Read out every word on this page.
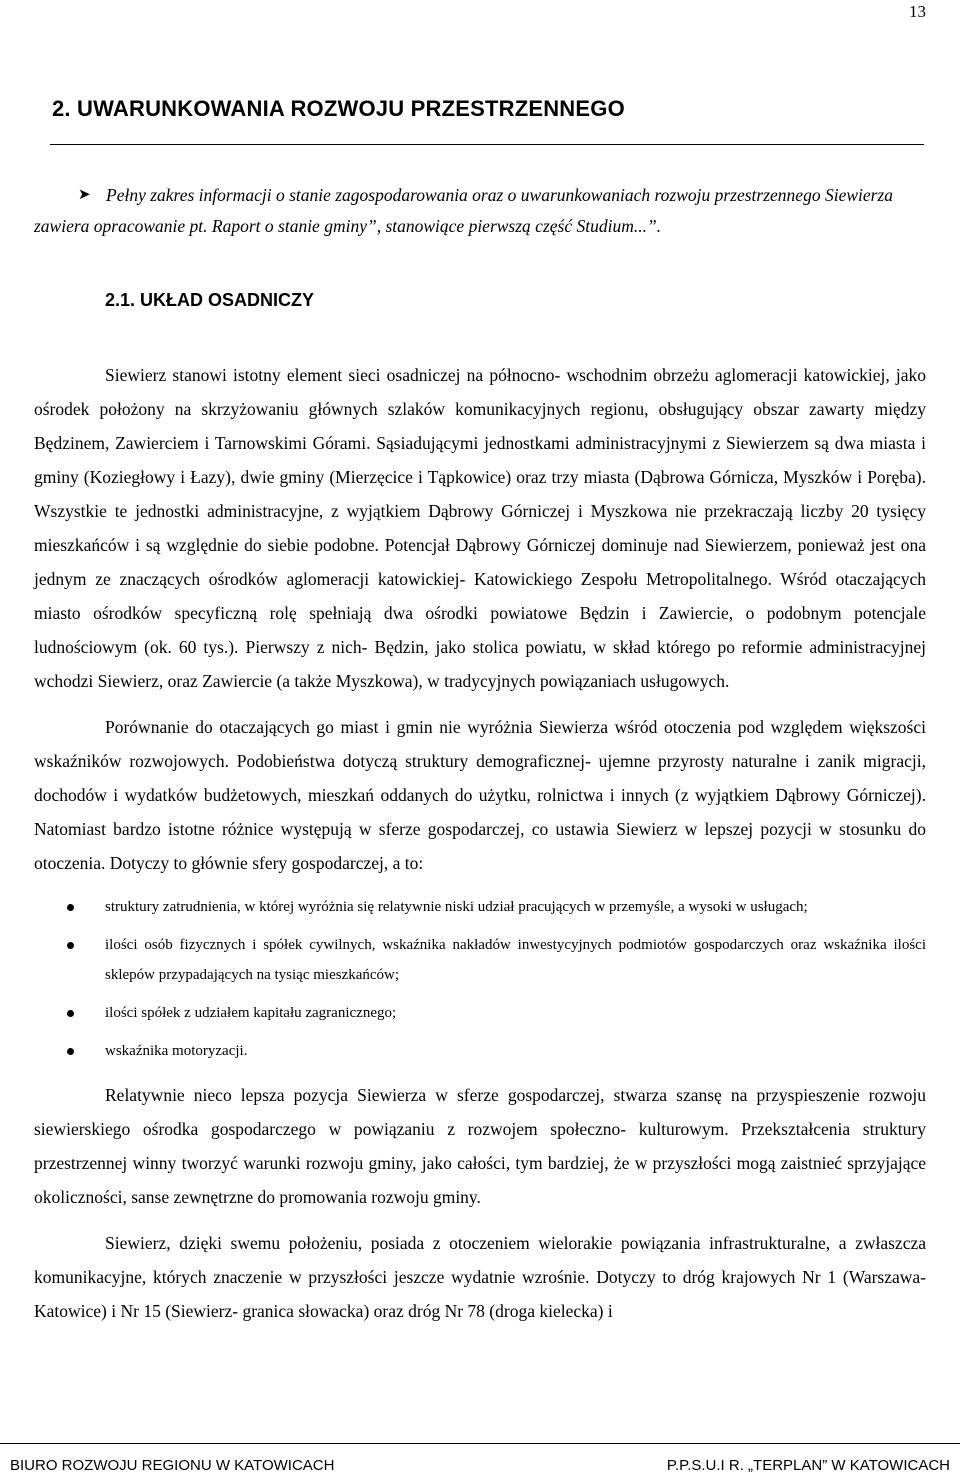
13
2. UWARUNKOWANIA ROZWOJU PRZESTRZENNEGO
➤ Pełny zakres informacji o stanie zagospodarowania oraz o uwarunkowaniach rozwoju przestrzennego Siewierza zawiera opracowanie pt. Raport o stanie gminy”, stanowiące pierwszą część Studium...”.
2.1. UKŁAD OSADNICZY

Siewierz stanowi istotny element sieci osadniczej na północno- wschodnim obrzeżu aglomeracji katowickiej, jako ośrodek położony na skrzyżowaniu głównych szlaków komunikacyjnych regionu, obsługujący obszar zawarty między Będzinem, Zawierciem i Tarnowskimi Górami. Sąsiadującymi jednostkami administracyjnymi z Siewierzem są dwa miasta i gminy (Koziegłowy i Łazy), dwie gminy (Mierzęcice i Tąpkowice) oraz trzy miasta (Dąbrowa Górnicza, Myszków i Poręba). Wszystkie te jednostki administracyjne, z wyjątkiem Dąbrowy Górniczej i Myszkowa nie przekraczają liczby 20 tysięcy mieszkańców i są względnie do siebie podobne. Potencjał Dąbrowy Górniczej dominuje nad Siewierzem, ponieważ jest ona jednym ze znaczących ośrodków aglomeracji katowickiej- Katowickiego Zespołu Metropolitalnego. Wśród otaczających miasto ośrodków specyficzną rolę spełniają dwa ośrodki powiatowe Będzin i Zawiercie, o podobnym potencjale ludnościowym (ok. 60 tys.). Pierwszy z nich- Będzin, jako stolica powiatu, w skład którego po reformie administracyjnej wchodzi Siewierz, oraz Zawiercie (a także Myszkowa), w tradycyjnych powiązaniach usługowych.

Porównanie do otaczających go miast i gmin nie wyróżnia Siewierza wśród otoczenia pod względem większości wskaźników rozwojowych. Podobieństwa dotyczą struktury demograficznej- ujemne przyrosty naturalne i zanik migracji, dochodów i wydatków budżetowych, mieszkań oddanych do użytku, rolnictwa i innych (z wyjątkiem Dąbrowy Górniczej). Natomiast bardzo istotne różnice występują w sferze gospodarczej, co ustawia Siewierz w lepszej pozycji w stosunku do otoczenia. Dotyczy to głównie sfery gospodarczej, a to:

struktury zatrudnienia, w której wyróżnia się relatywnie niski udział pracujących w przemyśle, a wysoki w usługach;
ilości osób fizycznych i spółek cywilnych, wskaźnika nakładów inwestycyjnych podmiotów gospodarczych oraz wskaźnika ilości sklepów przypadających na tysiąc mieszkańców;
ilości spółek z udziałem kapitału zagranicznego;
wskaźnika motoryzacji.

Relatywnie nieco lepsza pozycja Siewierza w sferze gospodarczej, stwarza szansę na przyspieszenie rozwoju siewierskiego ośrodka gospodarczego w powiązaniu z rozwojem społeczno- kulturowym. Przekształcenia struktury przestrzennej winny tworzyć warunki rozwoju gminy, jako całości, tym bardziej, że w przyszłości mogą zaistnieć sprzyjające okoliczności, sanse zewnętrzne do promowania rozwoju gminy.

Siewierz, dzięki swemu położeniu, posiada z otoczeniem wielorakie powiązania infrastrukturalne, a zwłaszcza komunikacyjne, których znaczenie w przyszłości jeszcze wydatnie wzrośnie. Dotyczy to dróg krajowych Nr 1 (Warszawa- Katowice) i Nr 15 (Siewierz- granica słowacka) oraz dróg Nr 78 (droga kielecka) i

BIURO ROZWOJU REGIONU W KATOWICACH	P.P.S.U.I R. „TERPLAN” W KATOWICACH
